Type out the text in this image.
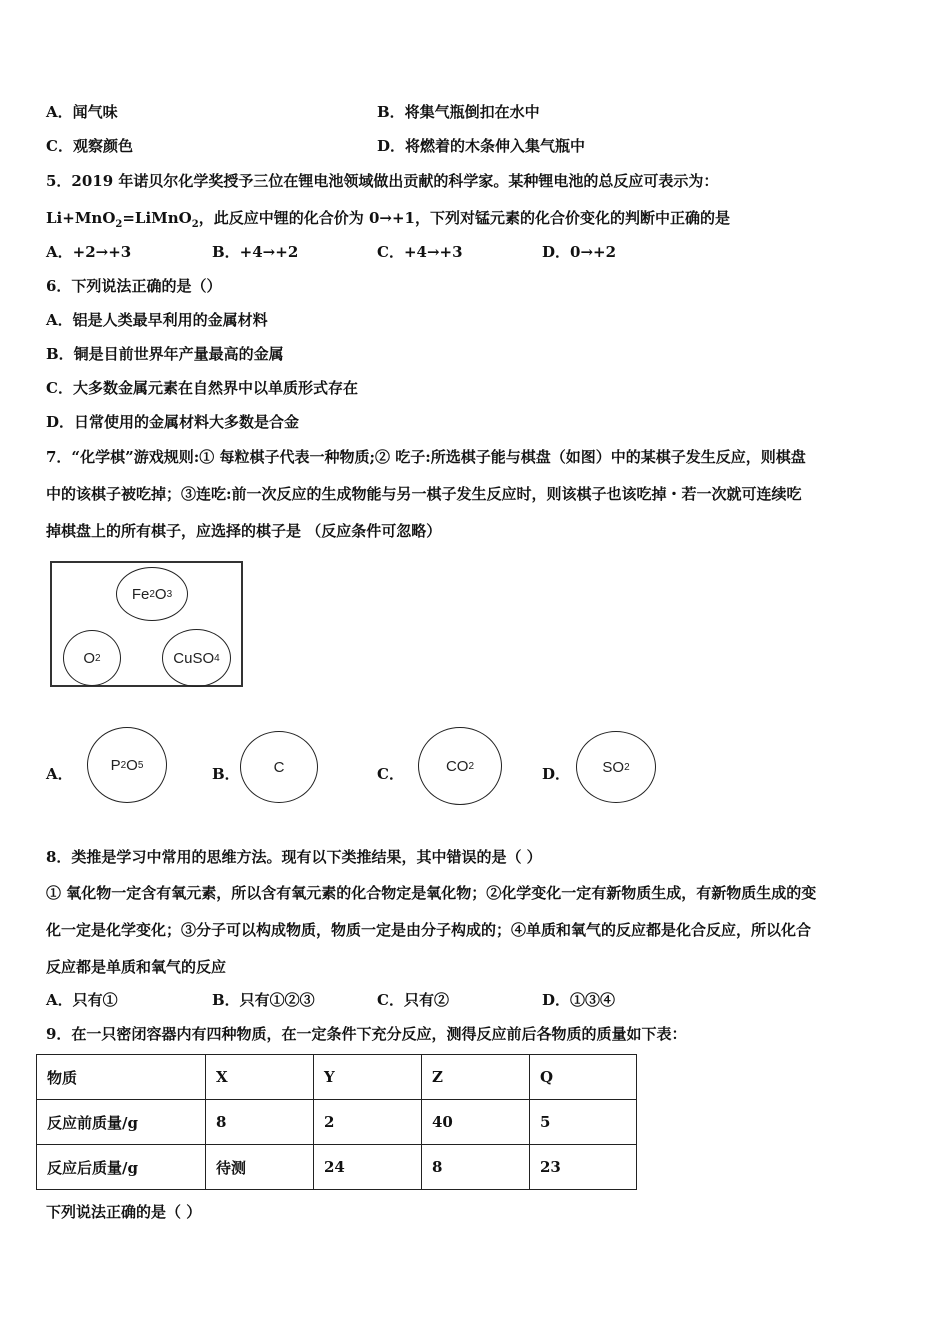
A．闻气味	B．将集气瓶倒扣在水中
C．观察颜色	D．将燃着的木条伸入集气瓶中
5．2019 年诺贝尔化学奖授予三位在锂电池领域做出贡献的科学家。某种锂电池的总反应可表示为：
Li+MnO$_2$=LiMnO$_2$，此反应中锂的化合价为 0→+1，下列对锰元素的化合价变化的判断中正确的是
A．+2→+3	B．+4→+2	C．+4→+3	D．0→+2
6．下列说法正确的是（）
A．铝是人类最早利用的金属材料
B．铜是目前世界年产量最高的金属
C．大多数金属元素在自然界中以单质形式存在
D．日常使用的金属材料大多数是合金
7．“化学棋”游戏规则:① 每粒棋子代表一种物质;② 吃子:所选棋子能与棋盘（如图）中的某棋子发生反应，则棋盘
中的该棋子被吃掉；③连吃:前一次反应的生成物能与另一棋子发生反应时，则该棋子也该吃掉・若一次就可连续吃
掉棋盘上的所有棋子，应选择的棋子是 （反应条件可忽略）
Fe 2 O 3
O 2	CuSO 4
A．	P 2 O 5	B． C	C．	CO 2	D． SO 2
8．类推是学习中常用的思维方法。现有以下类推结果，其中错误的是（ ）
① 氧化物一定含有氧元素，所以含有氧元素的化合物定是氧化物；②化学变化一定有新物质生成，有新物质生成的变
化一定是化学变化；③分子可以构成物质，物质一定是由分子构成的；④单质和氧气的反应都是化合反应，所以化合
反应都是单质和氧气的反应
A．只有①	B．只有①②③	C．只有②	D．①③④
9．在一只密闭容器内有四种物质，在一定条件下充分反应，测得反应前后各物质的质量如下表：
物质	X	Y	Z	Q
反应前质量/g	8	2	40	5
反应后质量/g	待测	24	8	23
下列说法正确的是（ ）
